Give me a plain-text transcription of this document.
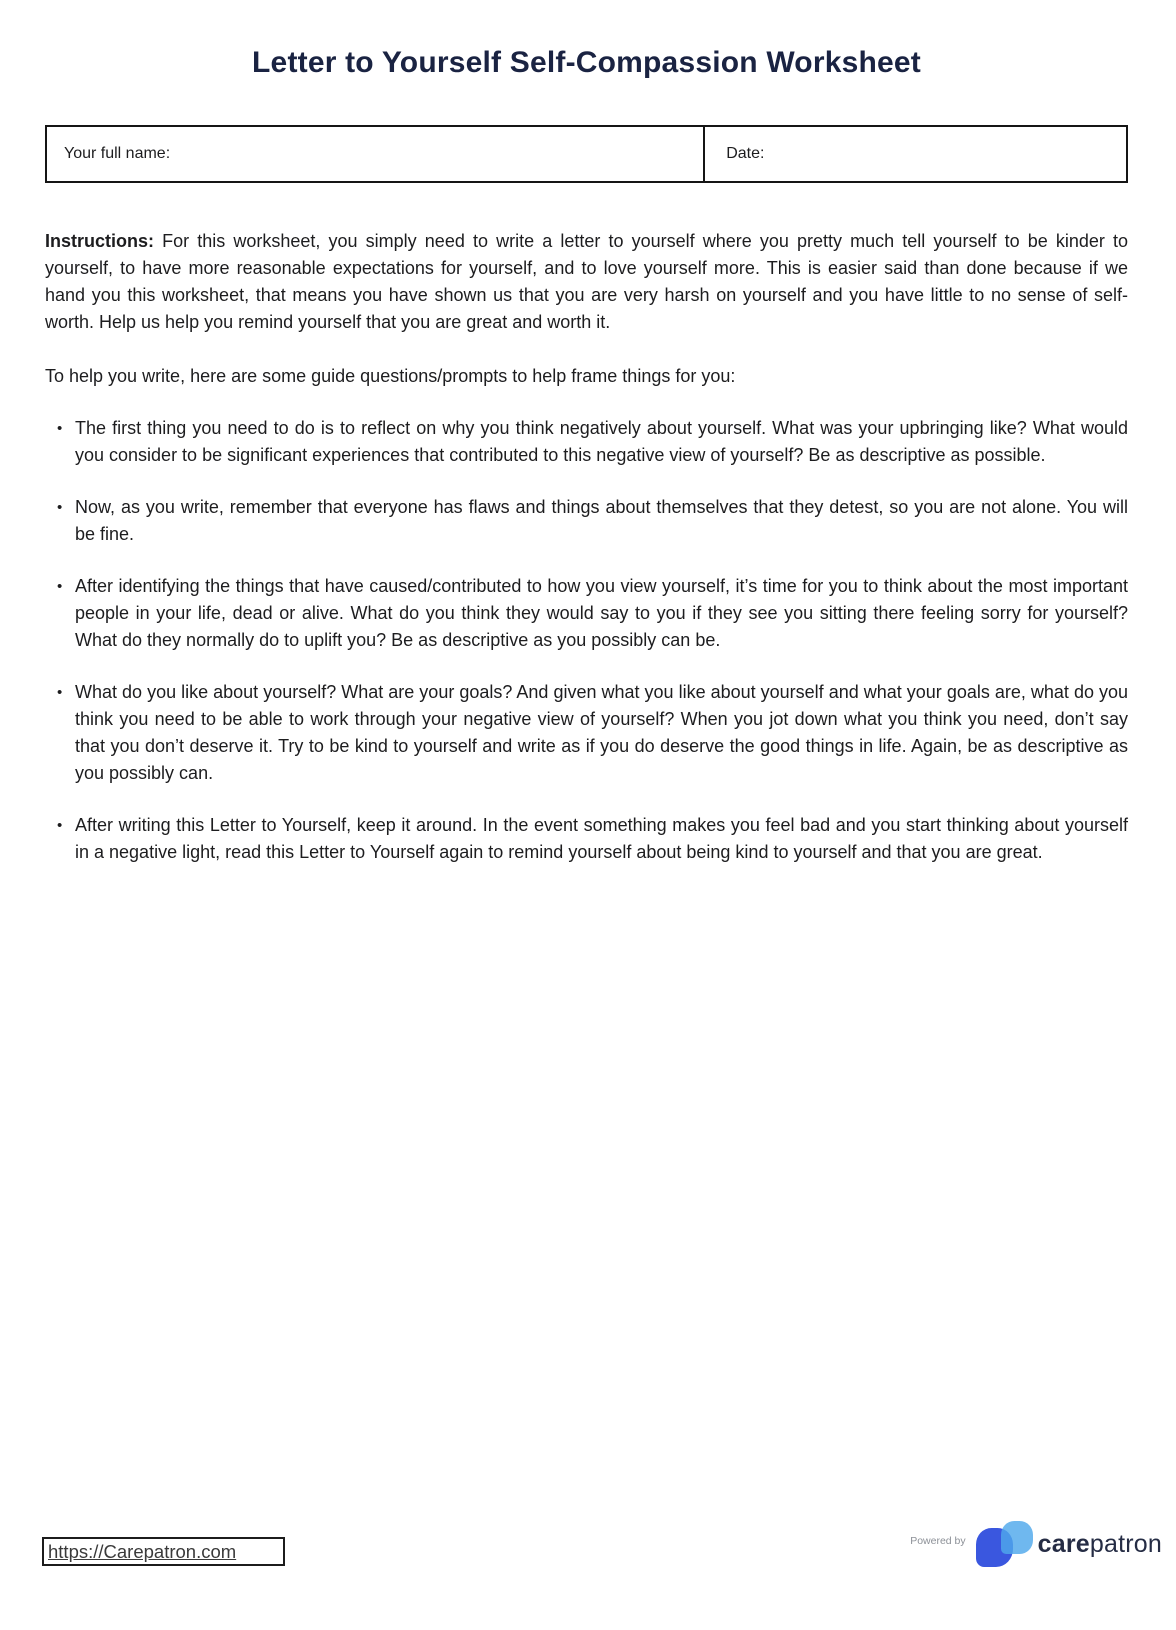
Letter to Yourself Self-Compassion Worksheet
Your full name:	Date:

Instructions: For this worksheet, you simply need to write a letter to yourself where you pretty much tell yourself to be kinder to yourself, to have more reasonable expectations for yourself, and to love yourself more. This is easier said than done because if we hand you this worksheet, that means you have shown us that you are very harsh on yourself and you have little to no sense of self-worth. Help us help you remind yourself that you are great and worth it.

To help you write, here are some guide questions/prompts to help frame things for you:

• The first thing you need to do is to reflect on why you think negatively about yourself. What was your upbringing like? What would you consider to be significant experiences that contributed to this negative view of yourself? Be as descriptive as possible.
• Now, as you write, remember that everyone has flaws and things about themselves that they detest, so you are not alone. You will be fine.
• After identifying the things that have caused/contributed to how you view yourself, it’s time for you to think about the most important people in your life, dead or alive. What do you think they would say to you if they see you sitting there feeling sorry for yourself? What do they normally do to uplift you? Be as descriptive as you possibly can be.
• What do you like about yourself? What are your goals? And given what you like about yourself and what your goals are, what do you think you need to be able to work through your negative view of yourself? When you jot down what you think you need, don’t say that you don’t deserve it. Try to be kind to yourself and write as if you do deserve the good things in life. Again, be as descriptive as you possibly can.
• After writing this Letter to Yourself, keep it around. In the event something makes you feel bad and you start thinking about yourself in a negative light, read this Letter to Yourself again to remind yourself about being kind to yourself and that you are great.
https://Carepatron.com	Powered by	carepatron
